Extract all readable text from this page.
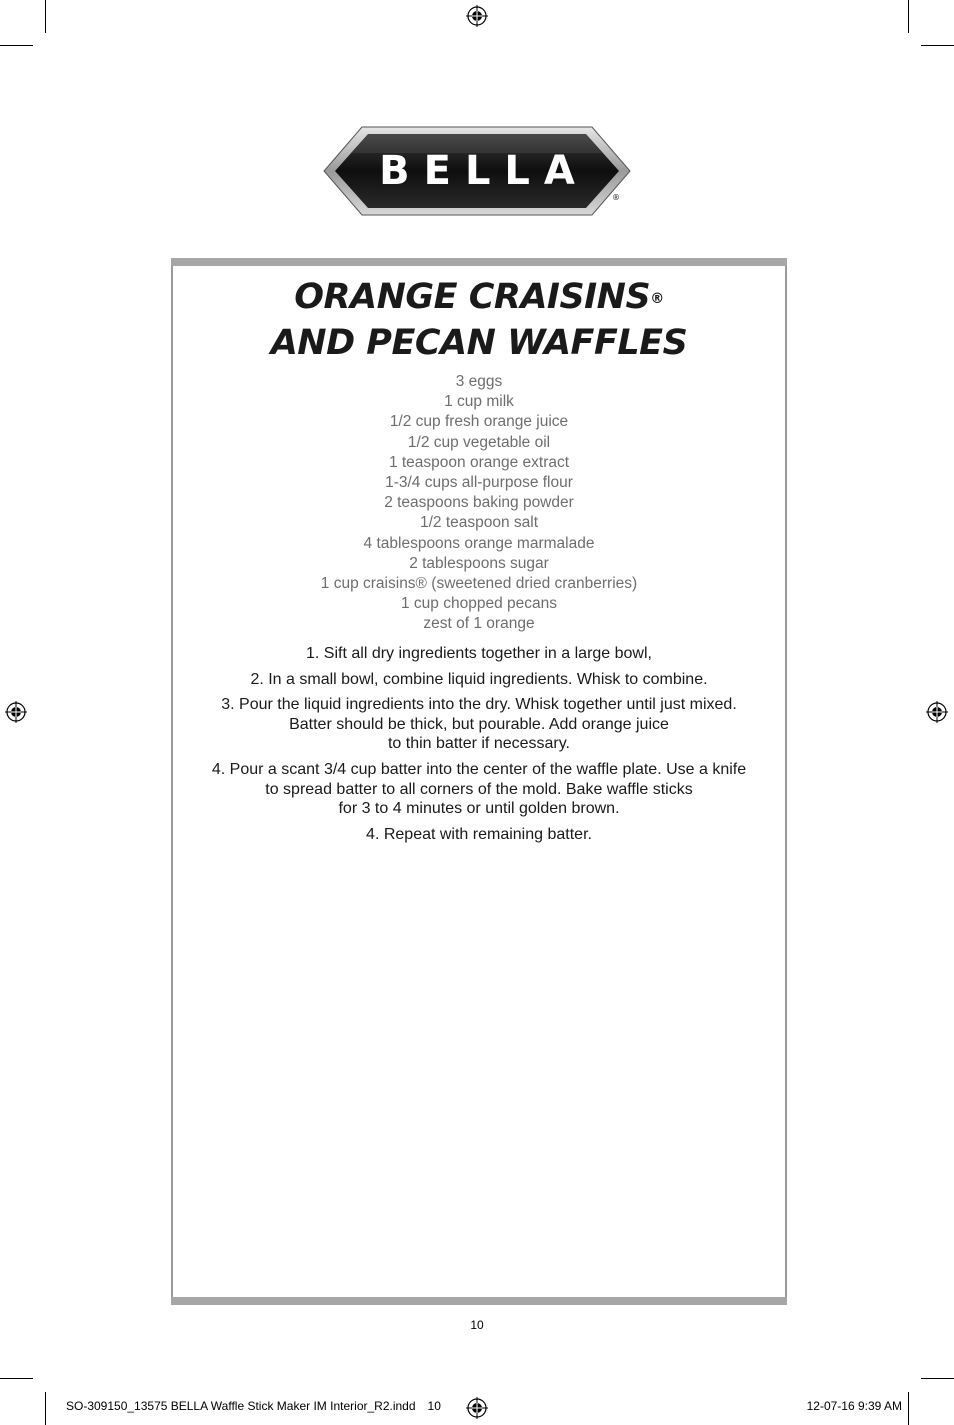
BELLA
®
ORANGE CRAISINS®
AND PECAN WAFFLES
3 eggs
1 cup milk
1/2 cup fresh orange juice
1/2 cup vegetable oil
1 teaspoon orange extract
1-3/4 cups all-purpose flour
2 teaspoons baking powder
1/2 teaspoon salt
4 tablespoons orange marmalade
2 tablespoons sugar
1 cup craisins® (sweetened dried cranberries)
1 cup chopped pecans
zest of 1 orange

1. Sift all dry ingredients together in a large bowl,

2. In a small bowl, combine liquid ingredients. Whisk to combine.

3. Pour the liquid ingredients into the dry. Whisk together until just mixed.
Batter should be thick, but pourable. Add orange juice
to thin batter if necessary.

4. Pour a scant 3/4 cup batter into the center of the waffle plate. Use a knife
to spread batter to all corners of the mold. Bake waffle sticks
for 3 to 4 minutes or until golden brown.

4. Repeat with remaining batter.

10
SO-309150_13575 BELLA Waffle Stick Maker IM Interior_R2.indd 10	12-07-16 9:39 AM
